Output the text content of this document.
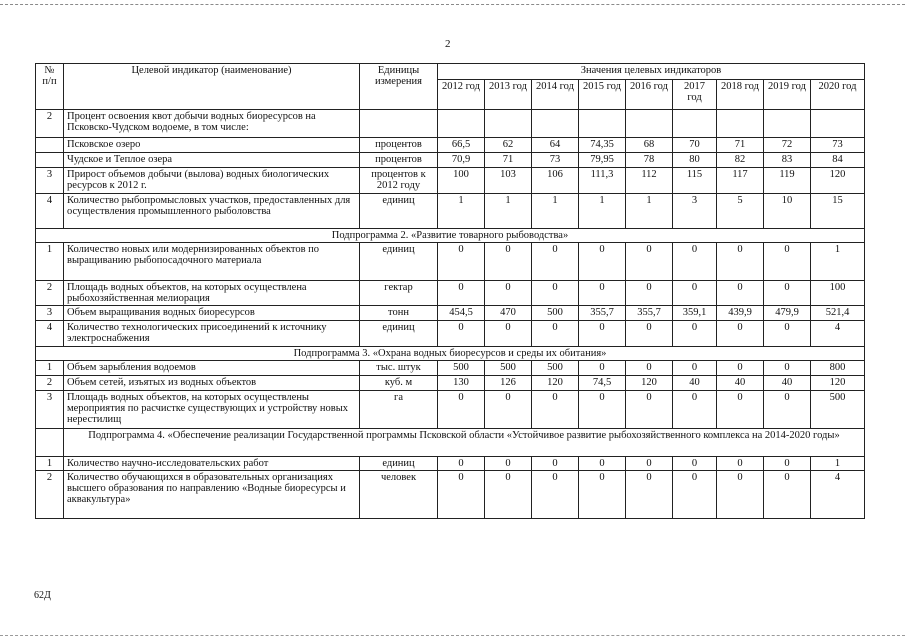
2
№ п/п	Целевой индикатор (наименование)	Единицы измерения	Значения целевых индикаторов								
			2012 год	2013 год	2014 год	2015 год	2016 год	2017 год	2018 год	2019 год	2020 год
2	Процент освоения квот добычи водных биоресурсов на Псковско-Чудском водоеме, в том числе:										
	Псковское озеро	процентов	66,5	62	64	74,35	68	70	71	72	73
	Чудское и Теплое озера	процентов	70,9	71	73	79,95	78	80	82	83	84
3	Прирост объемов добычи (вылова) водных биологических ресурсов к 2012 г.	процентов к 2012 году	100	103	106	111,3	112	115	117	119	120
4	Количество рыбопромысловых участков, предоставленных для осуществления промышленного рыболовства	единиц	1	1	1	1	1	3	5	10	15
Подпрограмма 2. «Развитие товарного рыбоводства»											
1	Количество новых или модернизированных объектов по выращиванию рыбопосадочного материала	единиц	0	0	0	0	0	0	0	0	1
2	Площадь водных объектов, на которых осуществлена рыбохозяйственная мелиорация	гектар	0	0	0	0	0	0	0	0	100
3	Объем выращивания водных биоресурсов	тонн	454,5	470	500	355,7	355,7	359,1	439,9	479,9	521,4
4	Количество технологических присоединений к источнику электроснабжения	единиц	0	0	0	0	0	0	0	0	4
Подпрограмма 3. «Охрана водных биоресурсов и среды их обитания»											
1	Объем зарыбления водоемов	тыс. штук	500	500	500	0	0	0	0	0	800
2	Объем сетей, изъятых из водных объектов	куб. м	130	126	120	74,5	120	40	40	40	120
3	Площадь водных объектов, на которых осуществлены мероприятия по расчистке существующих и устройству новых нерестилищ	га	0	0	0	0	0	0	0	0	500
	Подпрограмма 4. «Обеспечение реализации Государственной программы Псковской области «Устойчивое развитие рыбохозяйственного комплекса на 2014-2020 годы»										
1	Количество научно-исследовательских работ	единиц	0	0	0	0	0	0	0	0	1
2	Количество обучающихся в образовательных организациях высшего образования по направлению «Водные биоресурсы и аквакультура»	человек	0	0	0	0	0	0	0	0	4
62Д
